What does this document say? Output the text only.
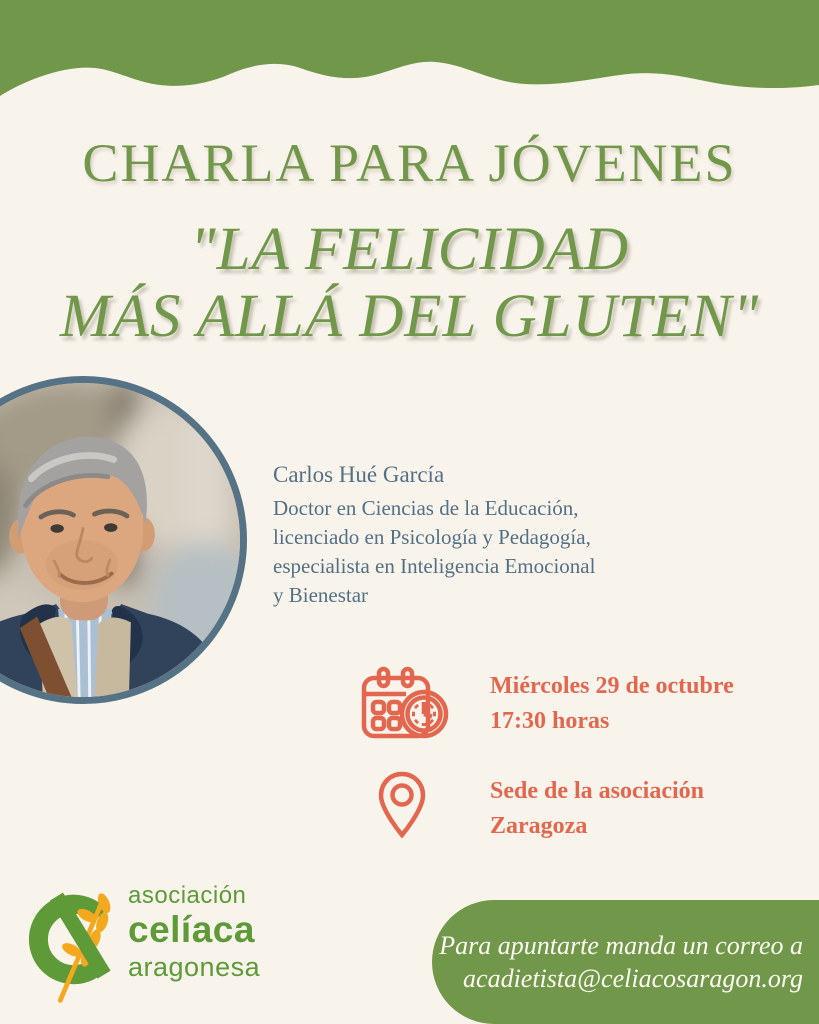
CHARLA PARA JÓVENES
"LA FELICIDAD
MÁS ALLÁ DEL GLUTEN"
Carlos Hué García
Doctor en Ciencias de la Educación,
licenciado en Psicología y Pedagogía,
especialista en Inteligencia Emocional
y Bienestar
Miércoles 29 de octubre
17:30 horas
Sede de la asociación
Zaragoza
asociación
celíaca
aragonesa
Para apuntarte manda un correo a
acadietista@celiacosaragon.org
